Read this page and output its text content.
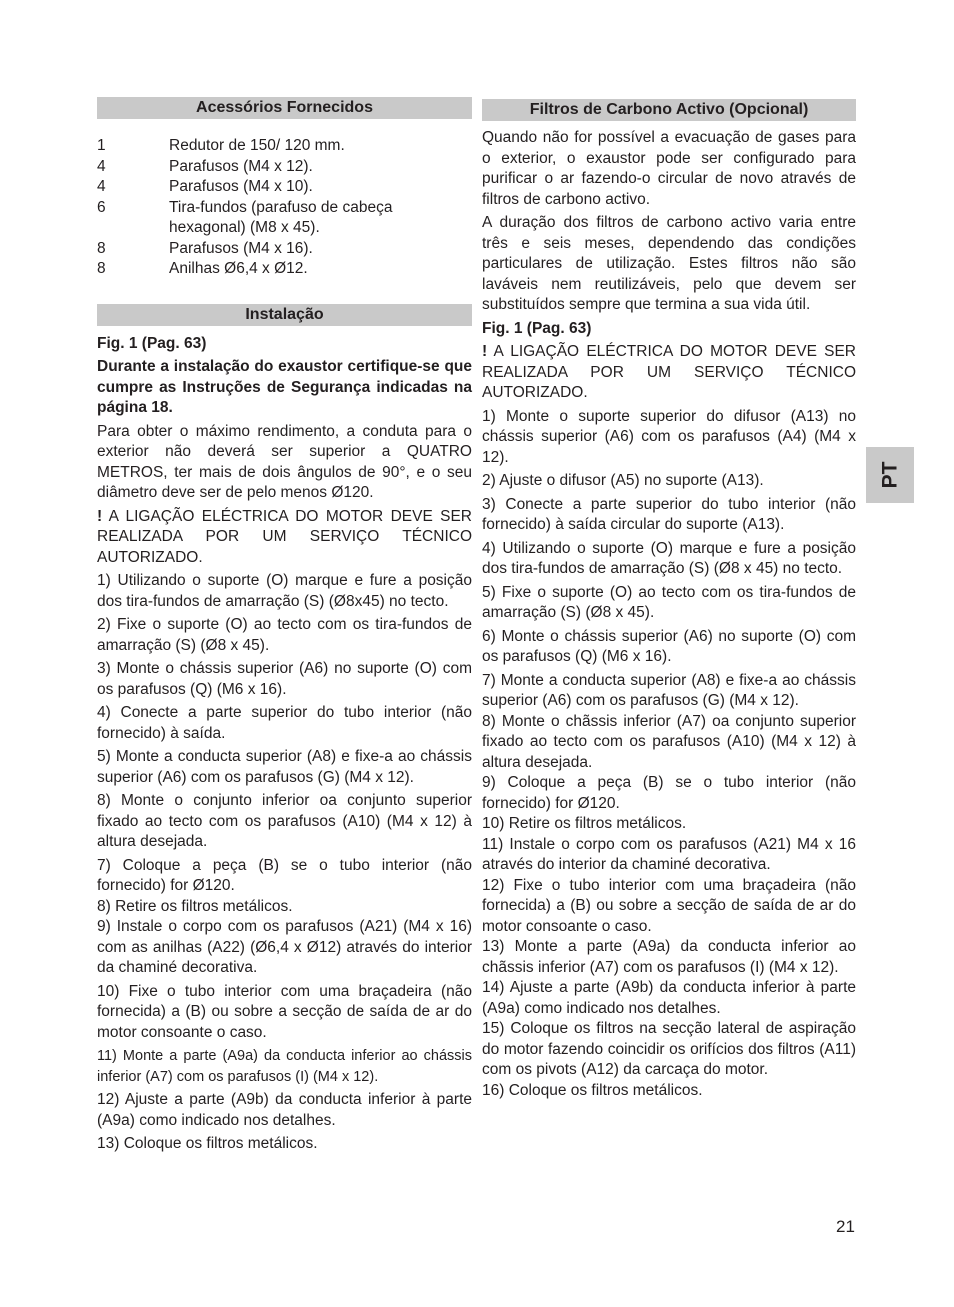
Acessórios Fornecidos
1	Redutor de 150/ 120 mm.
4	Parafusos (M4 x 12).
4	Parafusos (M4 x 10).
6	Tira-fundos (parafuso de cabeça hexagonal) (M8 x 45).
8	Parafusos (M4 x 16).
8	Anilhas Ø6,4 x Ø12.
Instalação

Fig. 1 (Pag. 63)

Durante a instalação do exaustor certifique-se que cumpre as Instruções de Segurança indicadas na página 18.

Para obter o máximo rendimento, a conduta para o exterior não deverá ser superior a QUATRO METROS, ter mais de dois ângulos de 90°, e o seu diâmetro deve ser de pelo menos Ø120.

! A LIGAÇÃO ELÉCTRICA DO MOTOR DEVE SER REALIZADA POR UM SERVIÇO TÉCNICO AUTORIZADO.

1) Utilizando o suporte (O) marque e fure a posição dos tira-fundos de amarração (S) (Ø8x45) no tecto.

2) Fixe o suporte (O) ao tecto com os tira-fundos de amarração (S) (Ø8 x 45).

3) Monte o chássis superior (A6) no suporte (O) com os parafusos (Q) (M6 x 16).

4) Conecte a parte superior do tubo interior (não fornecido) à saída.

5) Monte a conducta superior (A8) e fixe-a ao chássis superior (A6) com os parafusos (G) (M4 x 12).

8) Monte o conjunto inferior oa conjunto superior fixado ao tecto com os parafusos (A10) (M4 x 12) à altura desejada.

7) Coloque a peça (B) se o tubo interior (não fornecido) for Ø120.
8) Retire os filtros metálicos.
9) Instale o corpo com os parafusos (A21) (M4 x 16) com as anilhas (A22) (Ø6,4 x Ø12) através do interior da chaminé decorativa.

10) Fixe o tubo interior com uma braçadeira (não fornecida) a (B) ou sobre a secção de saída de ar do motor consoante o caso.

11) Monte a parte (A9a) da conducta inferior ao chássis inferior (A7) com os parafusos (I) (M4 x 12).

12) Ajuste a parte (A9b) da conducta inferior à parte (A9a) como indicado nos detalhes.

13) Coloque os filtros metálicos.

Filtros de Carbono Activo (Opcional)

Quando não for possível a evacuação de gases para o exterior, o exaustor pode ser configurado para purificar o ar fazendo-o circular de novo através de filtros de carbono activo.

A duração dos filtros de carbono activo varia entre três e seis meses, dependendo das condições particulares de utilização. Estes filtros não são laváveis nem reutilizáveis, pelo que devem ser substituídos sempre que termina a sua vida útil.

Fig. 1 (Pag. 63)

! A LIGAÇÃO ELÉCTRICA DO MOTOR DEVE SER REALIZADA POR UM SERVIÇO TÉCNICO AUTORIZADO.

1) Monte o suporte superior do difusor (A13) no chássis superior (A6) com os parafusos (A4) (M4 x 12).

2) Ajuste o difusor (A5) no suporte (A13).

3) Conecte a parte superior do tubo interior (não fornecido) à saída circular do suporte (A13).

4) Utilizando o suporte (O) marque e fure a posição dos tira-fundos de amarração (S) (Ø8 x 45) no tecto.

5) Fixe o suporte (O) ao tecto com os tira-fundos de amarração (S) (Ø8 x 45).

6) Monte o chássis superior (A6) no suporte (O) com os parafusos (Q) (M6 x 16).

7) Monte a conducta superior (A8) e fixe-a ao chássis superior (A6) com os parafusos (G) (M4 x 12).
8) Monte o chãssis inferior (A7) oa conjunto superior fixado ao tecto com os parafusos (A10) (M4 x 12) à altura desejada.
9) Coloque a peça (B) se o tubo interior (não fornecido) for Ø120.
10) Retire os filtros metálicos.
11) Instale o corpo com os parafusos (A21) M4 x 16 através do interior da chaminé decorativa.
12) Fixe o tubo interior com uma braçadeira (não fornecida) a (B) ou sobre a secção de saída de ar do motor consoante o caso.
13) Monte a parte (A9a) da conducta inferior ao chãssis inferior (A7) com os parafusos (I) (M4 x 12).
14) Ajuste a parte (A9b) da conducta inferior à parte (A9a) como indicado nos detalhes.
15) Coloque os filtros na secção lateral de aspiração do motor fazendo coincidir os orifícios dos filtros (A11) com os pivots (A12) da carcaça do motor.
16) Coloque os filtros metálicos.

PT
21
